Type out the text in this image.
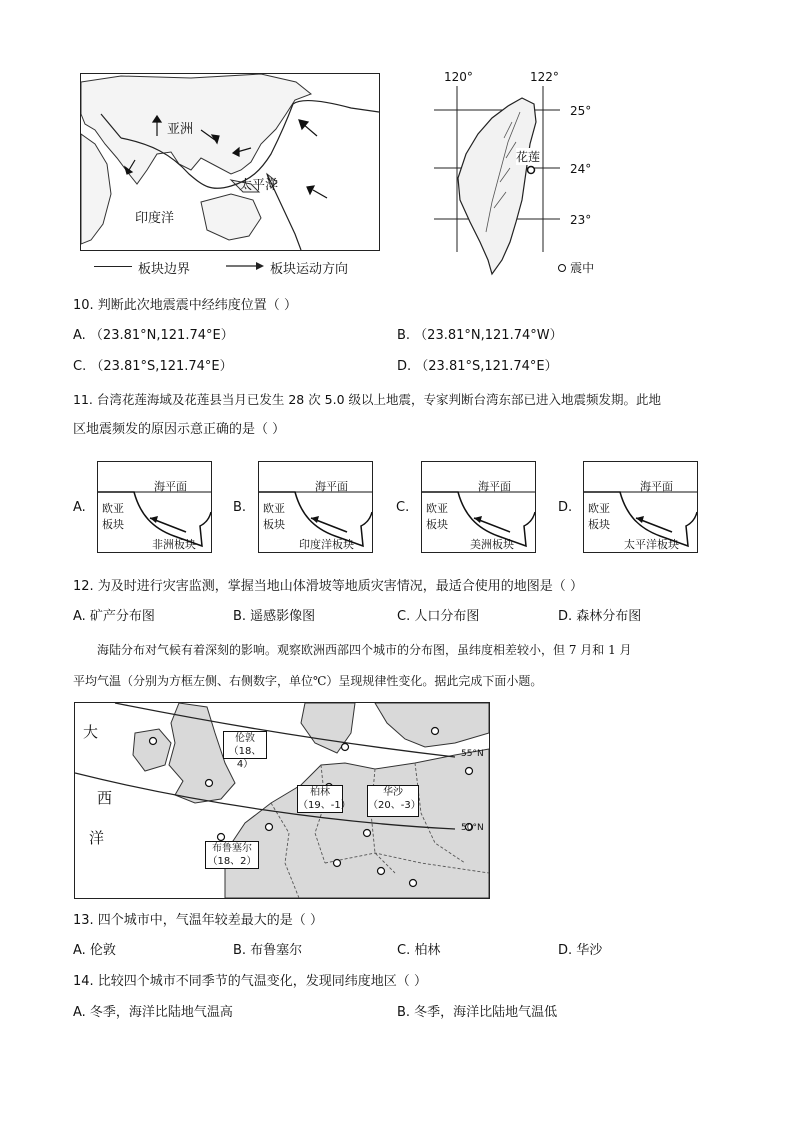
亚洲
太平洋
印度洋
板块边界	板块运动方向
120°	122°
25°
24°
23°
花莲
震中
10. 判断此次地震震中经纬度位置（ ）
A. （23.81°N,121.74°E）	B. （23.81°N,121.74°W）
C. （23.81°S,121.74°E）	D. （23.81°S,121.74°E）
11. 台湾花莲海域及花莲县当月已发生 28 次 5.0 级以上地震，专家判断台湾东部已进入地震频发期。此地
区地震频发的原因示意正确的是（ ）
A.
海平面
欧亚
板块
非洲板块
B.
海平面
欧亚
板块
印度洋板块
C.
海平面
欧亚
板块
美洲板块
D.
海平面
欧亚
板块
太平洋板块
12. 为及时进行灾害监测，掌握当地山体滑坡等地质灾害情况，最适合使用的地图是（ ）
A. 矿产分布图	B. 遥感影像图	C. 人口分布图	D. 森林分布图
海陆分布对气候有着深刻的影响。观察欧洲西部四个城市的分布图，虽纬度相差较小，但 7 月和 1 月
平均气温（分别为方框左侧、右侧数字，单位℃）呈现规律性变化。据此完成下面小题。
大
西
洋
55°N
50°N
伦敦
（18、4）
柏林
（19、-1）
华沙
（20、-3）
布鲁塞尔
（18、2）
13. 四个城市中，气温年较差最大的是（ ）
A. 伦敦	B. 布鲁塞尔	C. 柏林	D. 华沙
14. 比较四个城市不同季节的气温变化，发现同纬度地区（ ）
A. 冬季，海洋比陆地气温高	B. 冬季，海洋比陆地气温低
